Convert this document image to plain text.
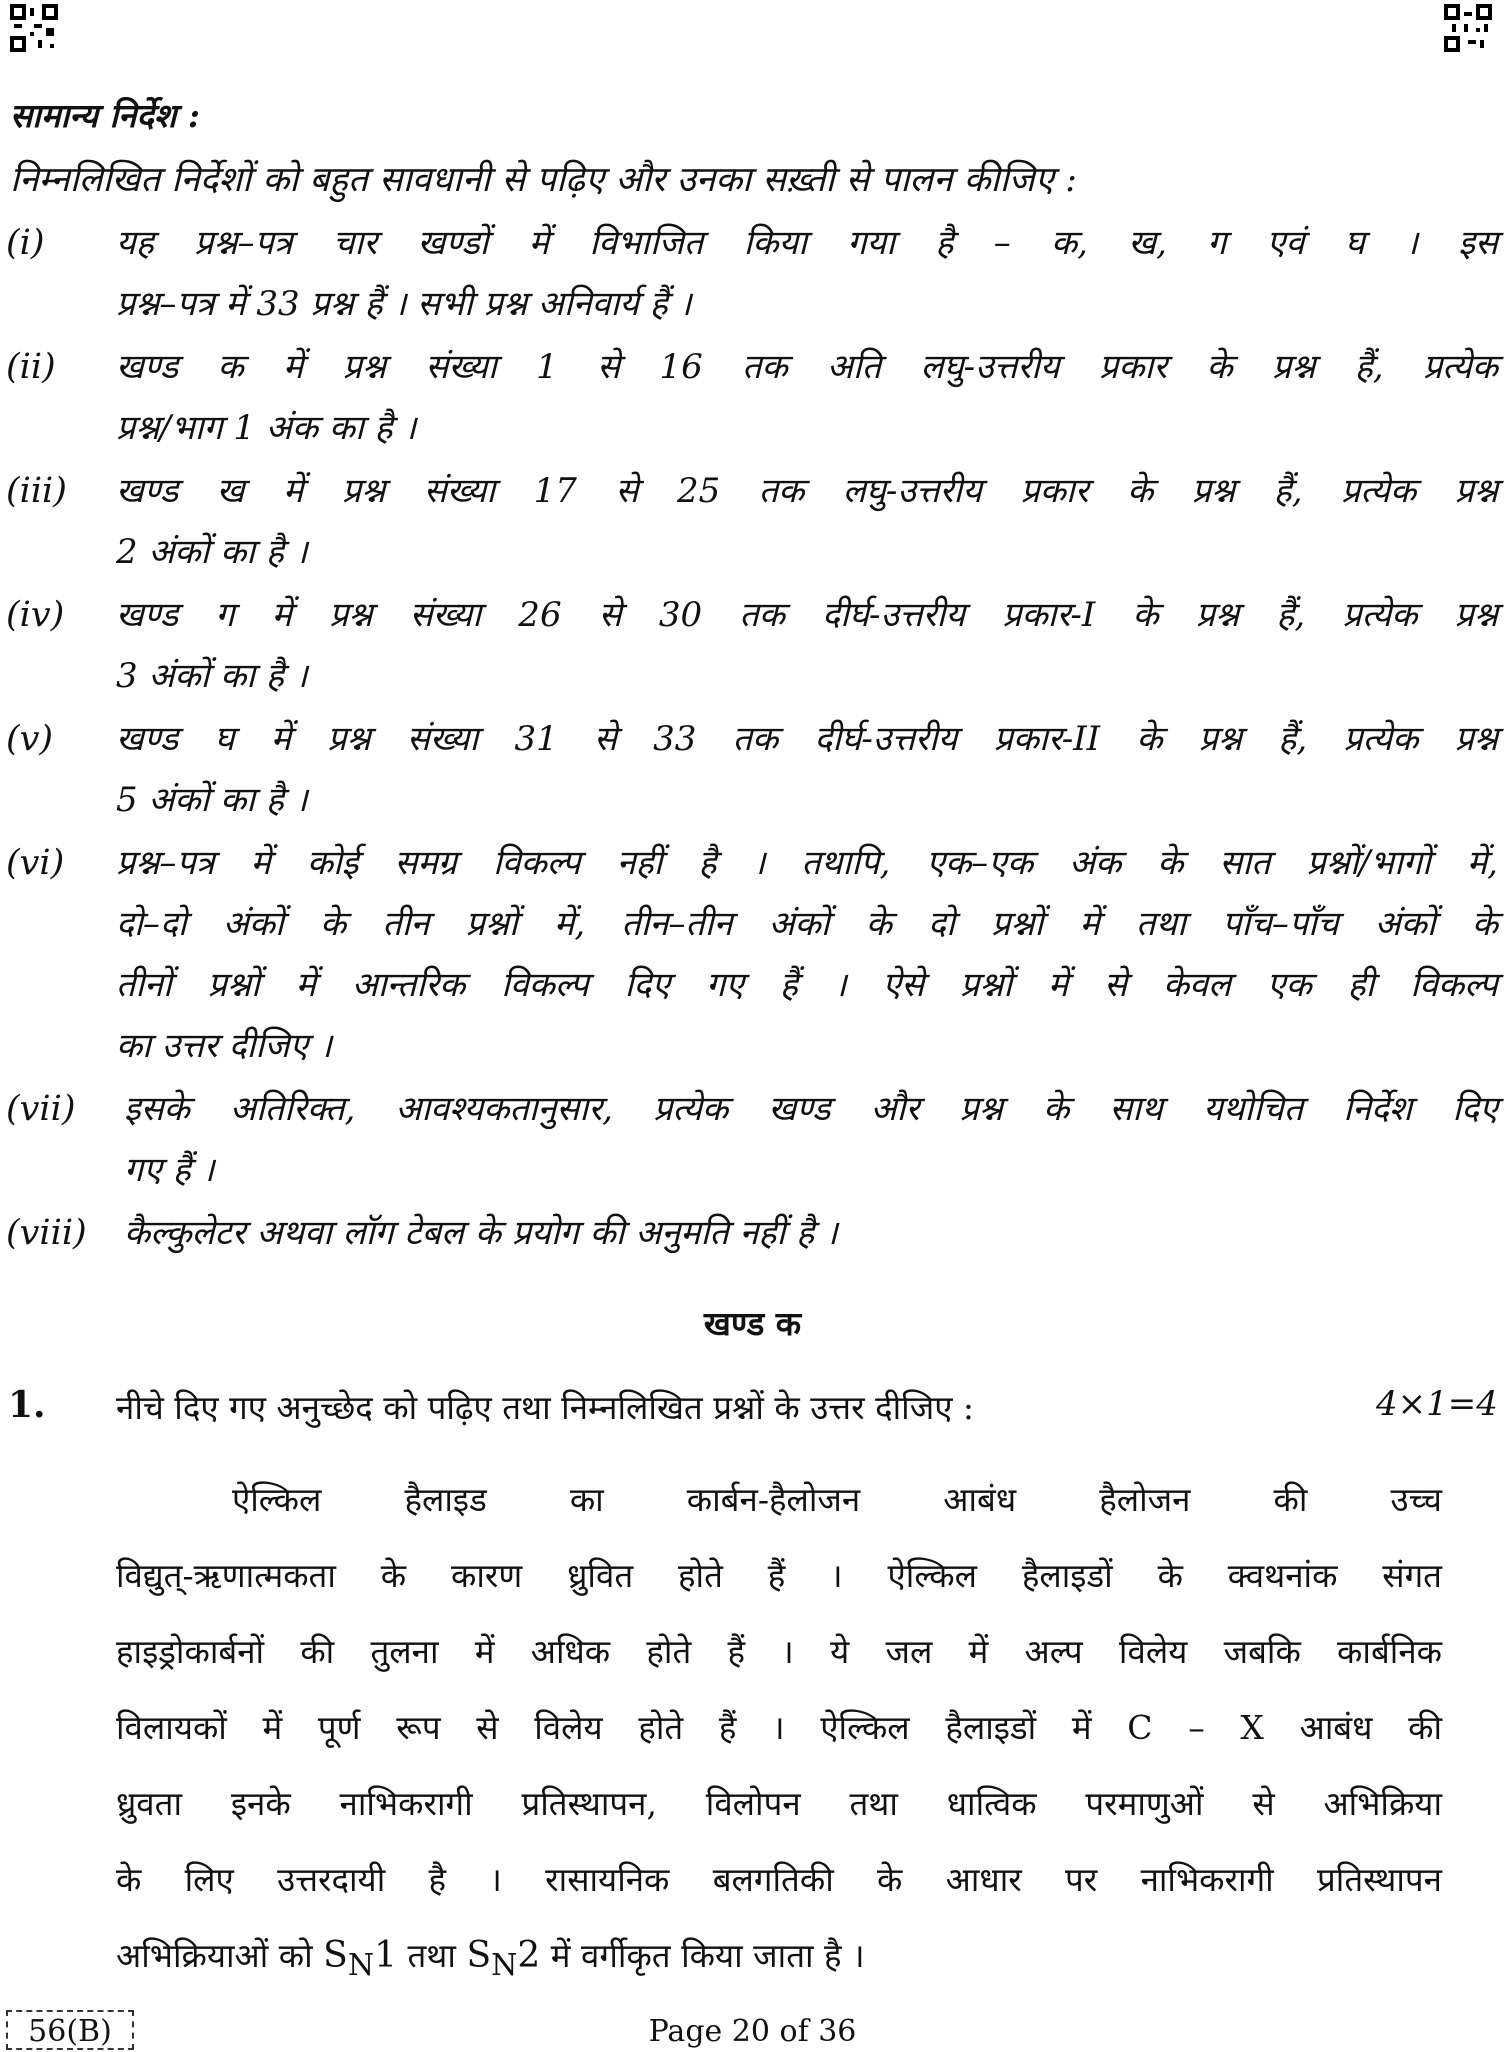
सामान्य निर्देश :
निम्नलिखित निर्देशों को बहुत सावधानी से पढ़िए और उनका सख़्ती से पालन कीजिए :
(i) यह प्रश्न–पत्र चार खण्डों में विभाजित किया गया है – क, ख, ग एवं घ । इस
प्रश्न–पत्र में 33 प्रश्न हैं । सभी प्रश्न अनिवार्य हैं ।
(ii) खण्ड क में प्रश्न संख्या 1 से 16 तक अति लघु-उत्तरीय प्रकार के प्रश्न हैं, प्रत्येक
प्रश्न/भाग 1 अंक का है ।
(iii) खण्ड ख में प्रश्न संख्या 17 से 25 तक लघु-उत्तरीय प्रकार के प्रश्न हैं, प्रत्येक प्रश्न
2 अंकों का है ।
(iv) खण्ड ग में प्रश्न संख्या 26 से 30 तक दीर्घ-उत्तरीय प्रकार-I के प्रश्न हैं, प्रत्येक प्रश्न
3 अंकों का है ।
(v) खण्ड घ में प्रश्न संख्या 31 से 33 तक दीर्घ-उत्तरीय प्रकार-II के प्रश्न हैं, प्रत्येक प्रश्न
5 अंकों का है ।
(vi) प्रश्न–पत्र में कोई समग्र विकल्प नहीं है । तथापि, एक–एक अंक के सात प्रश्नों/भागों में,
दो–दो अंकों के तीन प्रश्नों में, तीन–तीन अंकों के दो प्रश्नों में तथा पाँच–पाँच अंकों के
तीनों प्रश्नों में आन्तरिक विकल्प दिए गए हैं । ऐसे प्रश्नों में से केवल एक ही विकल्प
का उत्तर दीजिए ।
(vii) इसके अतिरिक्त, आवश्यकतानुसार, प्रत्येक खण्ड और प्रश्न के साथ यथोचित निर्देश दिए
गए हैं ।
(viii) कैल्कुलेटर अथवा लॉग टेबल के प्रयोग की अनुमति नहीं है ।
खण्ड क
1. नीचे दिए गए अनुच्छेद को पढ़िए तथा निम्नलिखित प्रश्नों के उत्तर दीजिए :	4×1=4
ऐल्किल हैलाइड का कार्बन-हैलोजन आबंध हैलोजन की उच्च
विद्युत्-ऋणात्मकता के कारण ध्रुवित होते हैं । ऐल्किल हैलाइडों के क्वथनांक संगत
हाइड्रोकार्बनों की तुलना में अधिक होते हैं । ये जल में अल्प विलेय जबकि कार्बनिक
विलायकों में पूर्ण रूप से विलेय होते हैं । ऐल्किल हैलाइडों में C – X आबंध की
ध्रुवता इनके नाभिकरागी प्रतिस्थापन, विलोपन तथा धात्विक परमाणुओं से अभिक्रिया
के लिए उत्तरदायी है । रासायनिक बलगतिकी के आधार पर नाभिकरागी प्रतिस्थापन
अभिक्रियाओं को $S_N1$ तथा $S_N2$ में वर्गीकृत किया जाता है ।
56(B)	Page 20 of 36
